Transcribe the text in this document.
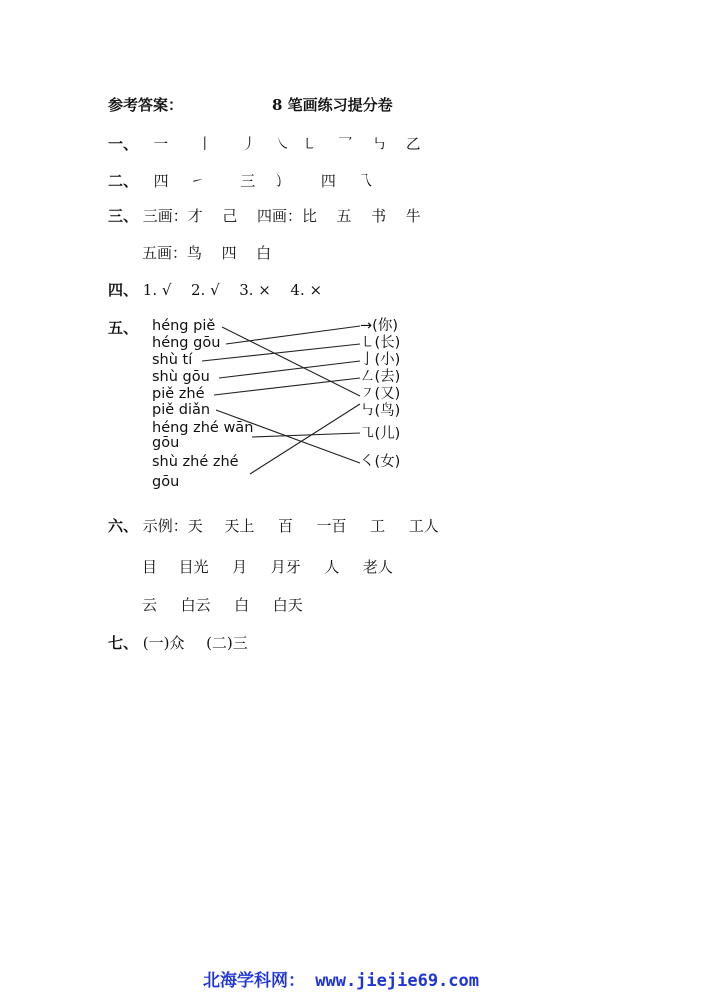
参考答案：	8 笔画练习提分卷
一、 一 丨 丿 ㇏ ㇄ 乛 ㇉ 乙
二、 四 ㇀ 三 ㇁ 四 乁
三、 三画：才 己 四画：比 五 书 牛
五画：鸟 四 白
四、 1. √ 2. √ 3. × 4. ×
五、 héng piě
héng gōu
shù tí
shù gōu
piě zhé
piě diǎn
héng zhé wān
gōu
shù zhé zhé
gōu
→(你)
㇄(长)
亅(小)
㇜(去)
㇇(又)
㇉(鸟)
㇈(儿)
㇛(女)
六、 示例：天 天上 百 一百 工 工人
目 目光 月 月牙 人 老人
云 白云 白 白天
七、 (一)众 (二)三
北海学科网： www.jiejie69.com
